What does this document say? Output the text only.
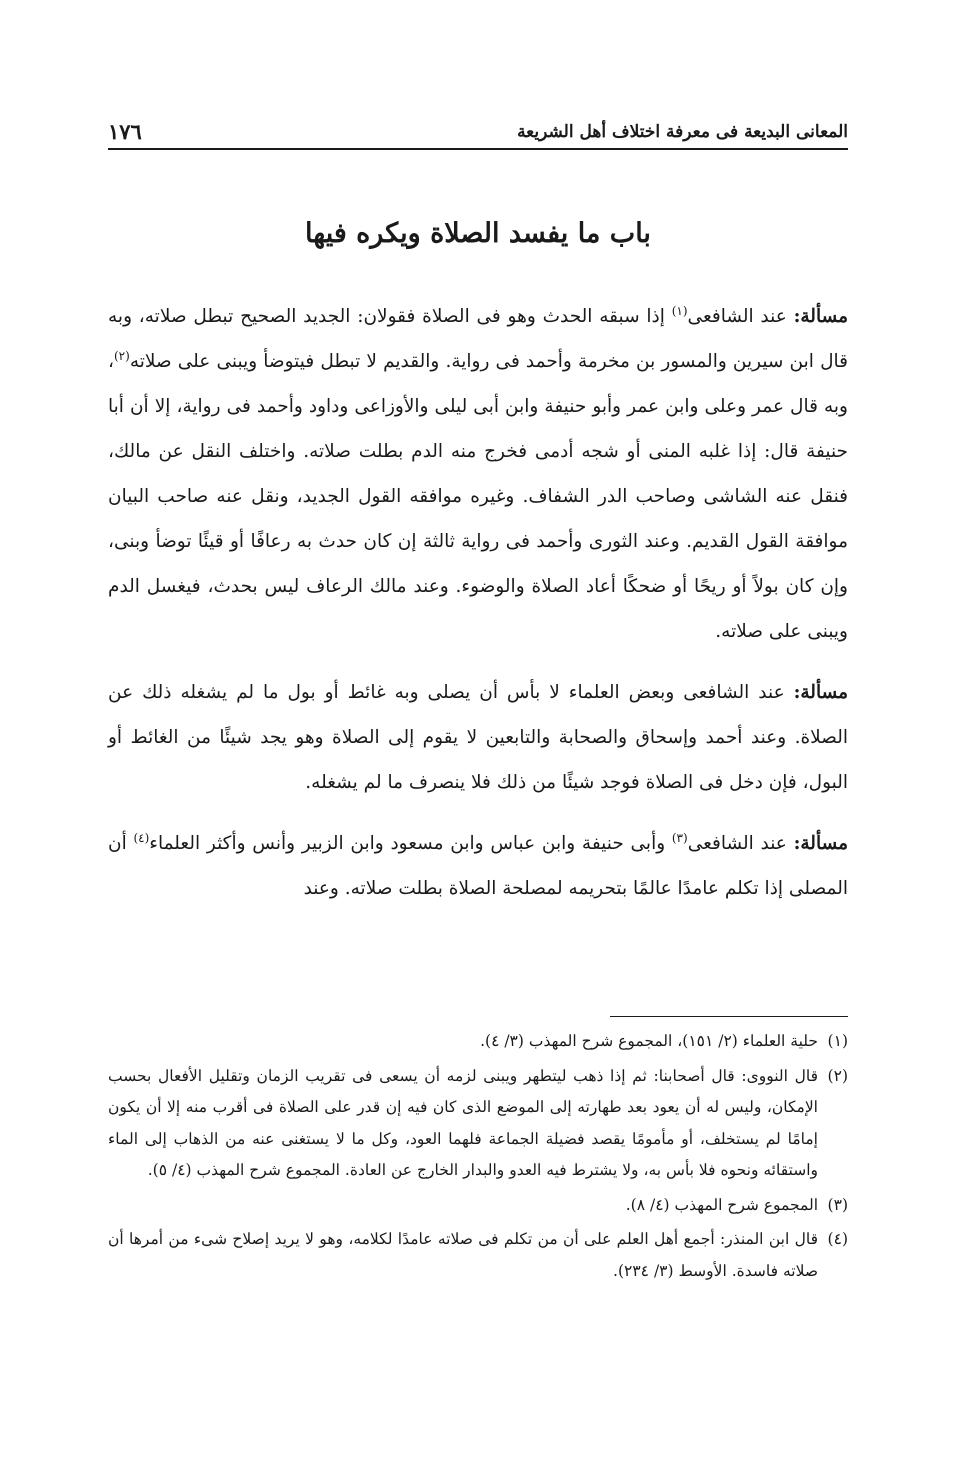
المعانى البديعة فى معرفة اختلاف أهل الشريعة
١٧٦
باب ما يفسد الصلاة ويكره فيها

مسألة: عند الشافعى$^{(١)}$ إذا سبقه الحدث وهو فى الصلاة فقولان: الجديد الصحيح تبطل صلاته، وبه قال ابن سيرين والمسور بن مخرمة وأحمد فى رواية. والقديم لا تبطل فيتوضأ ويبنى على صلاته$^{(٢)}$، وبه قال عمر وعلى وابن عمر وأبو حنيفة وابن أبى ليلى والأوزاعى وداود وأحمد فى رواية، إلا أن أبا حنيفة قال: إذا غلبه المنى أو شجه أدمى فخرج منه الدم بطلت صلاته. واختلف النقل عن مالك، فنقل عنه الشاشى وصاحب الدر الشفاف. وغيره موافقه القول الجديد، ونقل عنه صاحب البيان موافقة القول القديم. وعند الثورى وأحمد فى رواية ثالثة إن كان حدث به رعافًا أو قيئًا توضأ وبنى، وإن كان بولاً أو ريحًا أو ضحكًا أعاد الصلاة والوضوء. وعند مالك الرعاف ليس بحدث، فيغسل الدم ويبنى على صلاته.

مسألة: عند الشافعى وبعض العلماء لا بأس أن يصلى وبه غائط أو بول ما لم يشغله ذلك عن الصلاة. وعند أحمد وإسحاق والصحابة والتابعين لا يقوم إلى الصلاة وهو يجد شيئًا من الغائط أو البول، فإن دخل فى الصلاة فوجد شيئًا من ذلك فلا ينصرف ما لم يشغله.

مسألة: عند الشافعى$^{(٣)}$ وأبى حنيفة وابن عباس وابن مسعود وابن الزبير وأنس وأكثر العلماء$^{(٤)}$ أن المصلى إذا تكلم عامدًا عالمًا بتحريمه لمصلحة الصلاة بطلت صلاته. وعند

(١)حلية العلماء (٢/ ١٥١)، المجموع شرح المهذب (٣/ ٤).

(٢)قال النووى: قال أصحابنا: ثم إذا ذهب ليتطهر ويبنى لزمه أن يسعى فى تقريب الزمان وتقليل الأفعال بحسب الإمكان، وليس له أن يعود بعد طهارته إلى الموضع الذى كان فيه إن قدر على الصلاة فى أقرب منه إلا أن يكون إمامًا لم يستخلف، أو مأمومًا يقصد فضيلة الجماعة فلهما العود، وكل ما لا يستغنى عنه من الذهاب إلى الماء واستقائه ونحوه فلا بأس به، ولا يشترط فيه العدو والبدار الخارج عن العادة. المجموع شرح المهذب (٤/ ٥).

(٣)المجموع شرح المهذب (٤/ ٨).

(٤)قال ابن المنذر: أجمع أهل العلم على أن من تكلم فى صلاته عامدًا لكلامه، وهو لا يريد إصلاح شىء من أمرها أن صلاته فاسدة. الأوسط (٣/ ٢٣٤).
